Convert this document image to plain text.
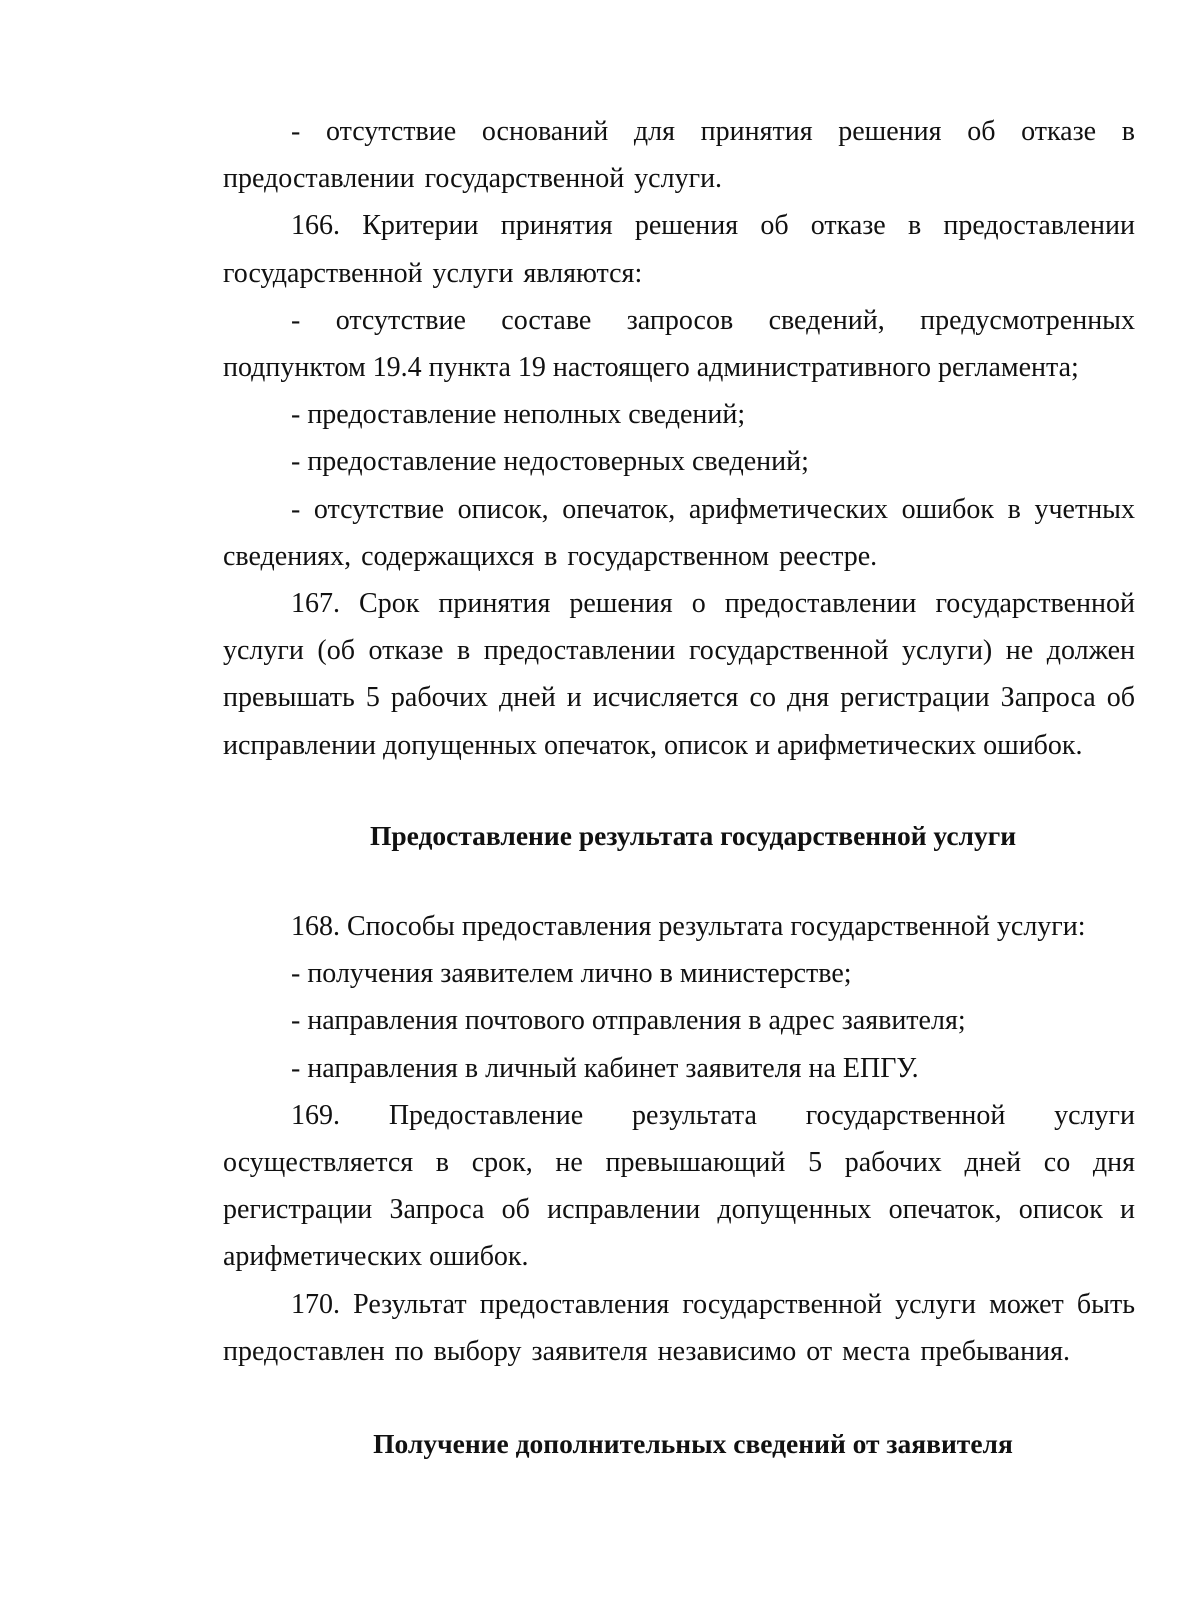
- отсутствие оснований для принятия решения об отказе в предоставлении государственной услуги.

166. Критерии принятия решения об отказе в предоставлении государственной услуги являются:

- отсутствие составе запросов сведений, предусмотренных подпунктом 19.4 пункта 19 настоящего административного регламента;

- предоставление неполных сведений;

- предоставление недостоверных сведений;

- отсутствие описок, опечаток, арифметических ошибок в учетных сведениях, содержащихся в государственном реестре.

167. Срок принятия решения о предоставлении государственной услуги (об отказе в предоставлении государственной услуги) не должен превышать 5 рабочих дней и исчисляется со дня регистрации Запроса об исправлении допущенных опечаток, описок и арифметических ошибок.

Предоставление результата государственной услуги

168. Способы предоставления результата государственной услуги:

- получения заявителем лично в министерстве;

- направления почтового отправления в адрес заявителя;

- направления в личный кабинет заявителя на ЕПГУ.

169. Предоставление результата государственной услуги осуществляется в срок, не превышающий 5 рабочих дней со дня регистрации Запроса об исправлении допущенных опечаток, описок и арифметических ошибок.

170. Результат предоставления государственной услуги может быть предоставлен по выбору заявителя независимо от места пребывания.

Получение дополнительных сведений от заявителя
